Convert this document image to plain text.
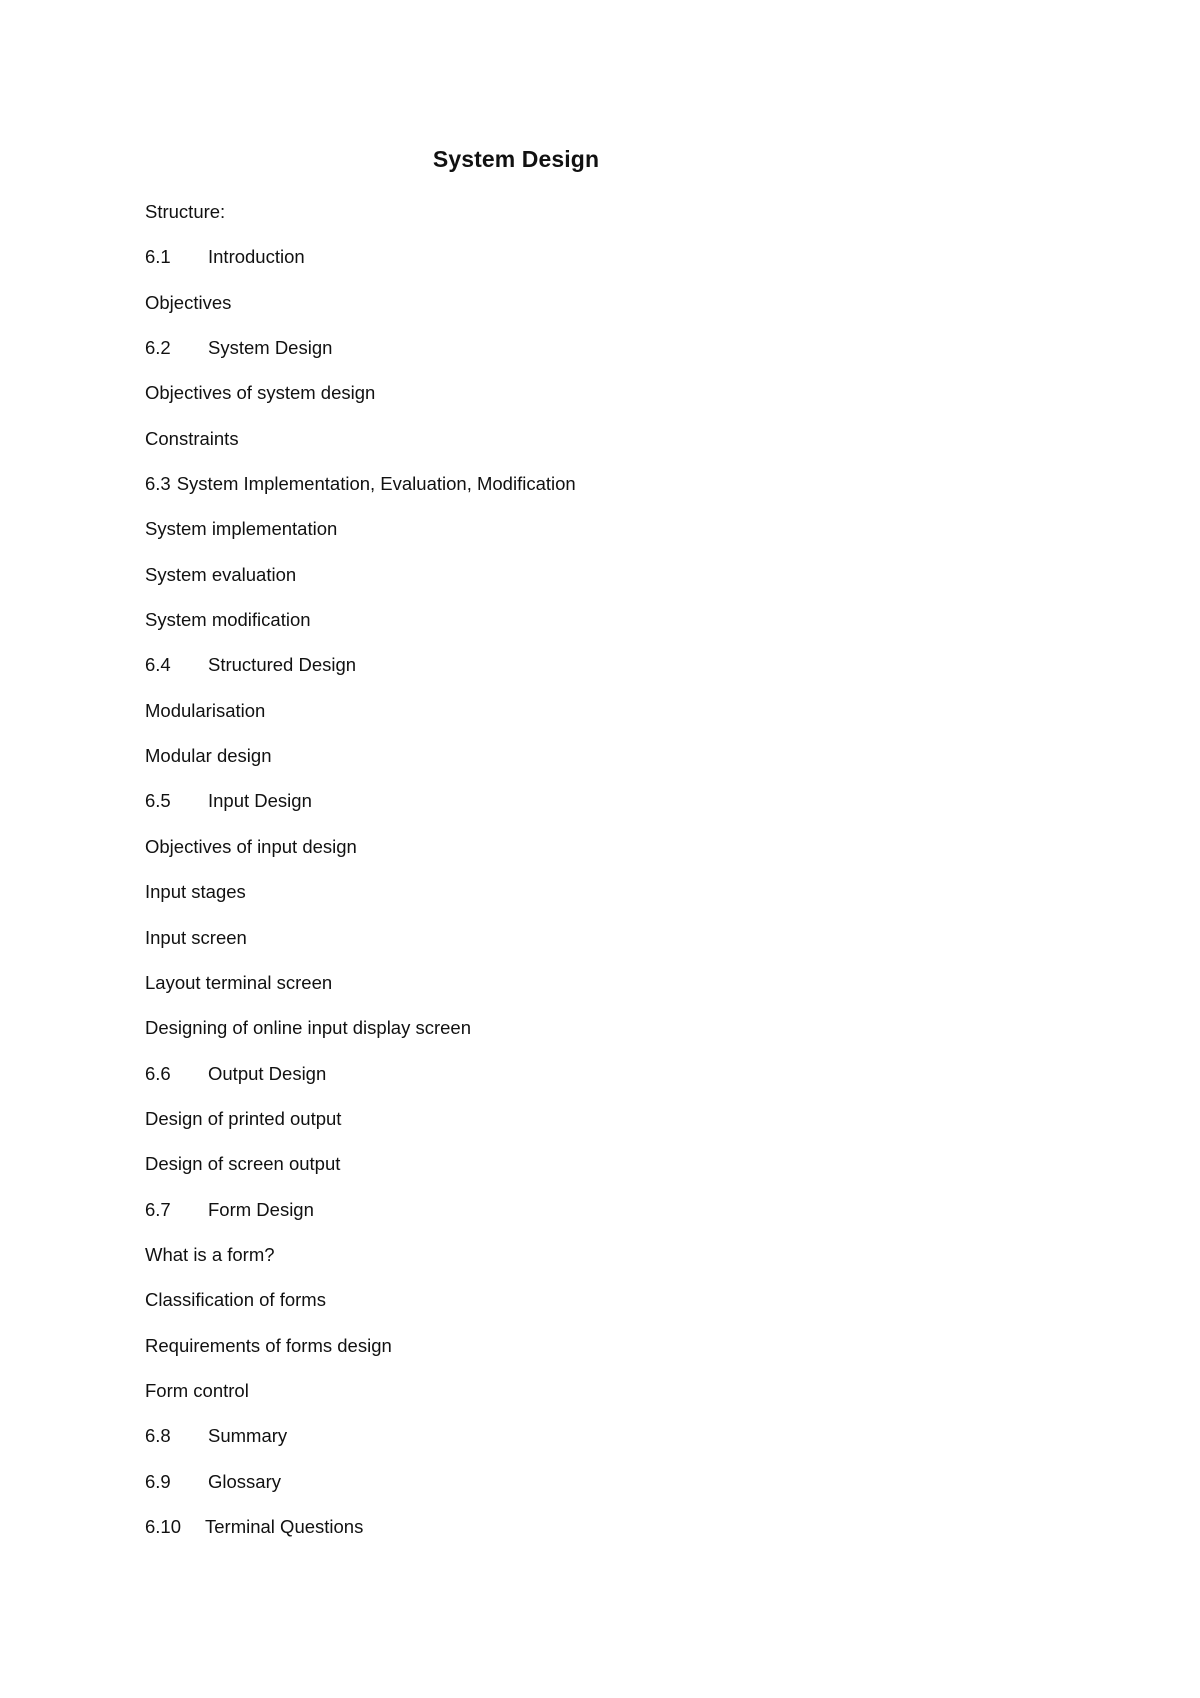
System Design
Structure:
6.1 Introduction
Objectives
6.2 System Design
Objectives of system design
Constraints
6.3 System Implementation, Evaluation, Modification
System implementation
System evaluation
System modification
6.4 Structured Design
Modularisation
Modular design
6.5 Input Design
Objectives of input design
Input stages
Input screen
Layout terminal screen
Designing of online input display screen
6.6 Output Design
Design of printed output
Design of screen output
6.7 Form Design
What is a form?
Classification of forms
Requirements of forms design
Form control
6.8 Summary
6.9 Glossary
6.10 Terminal Questions
